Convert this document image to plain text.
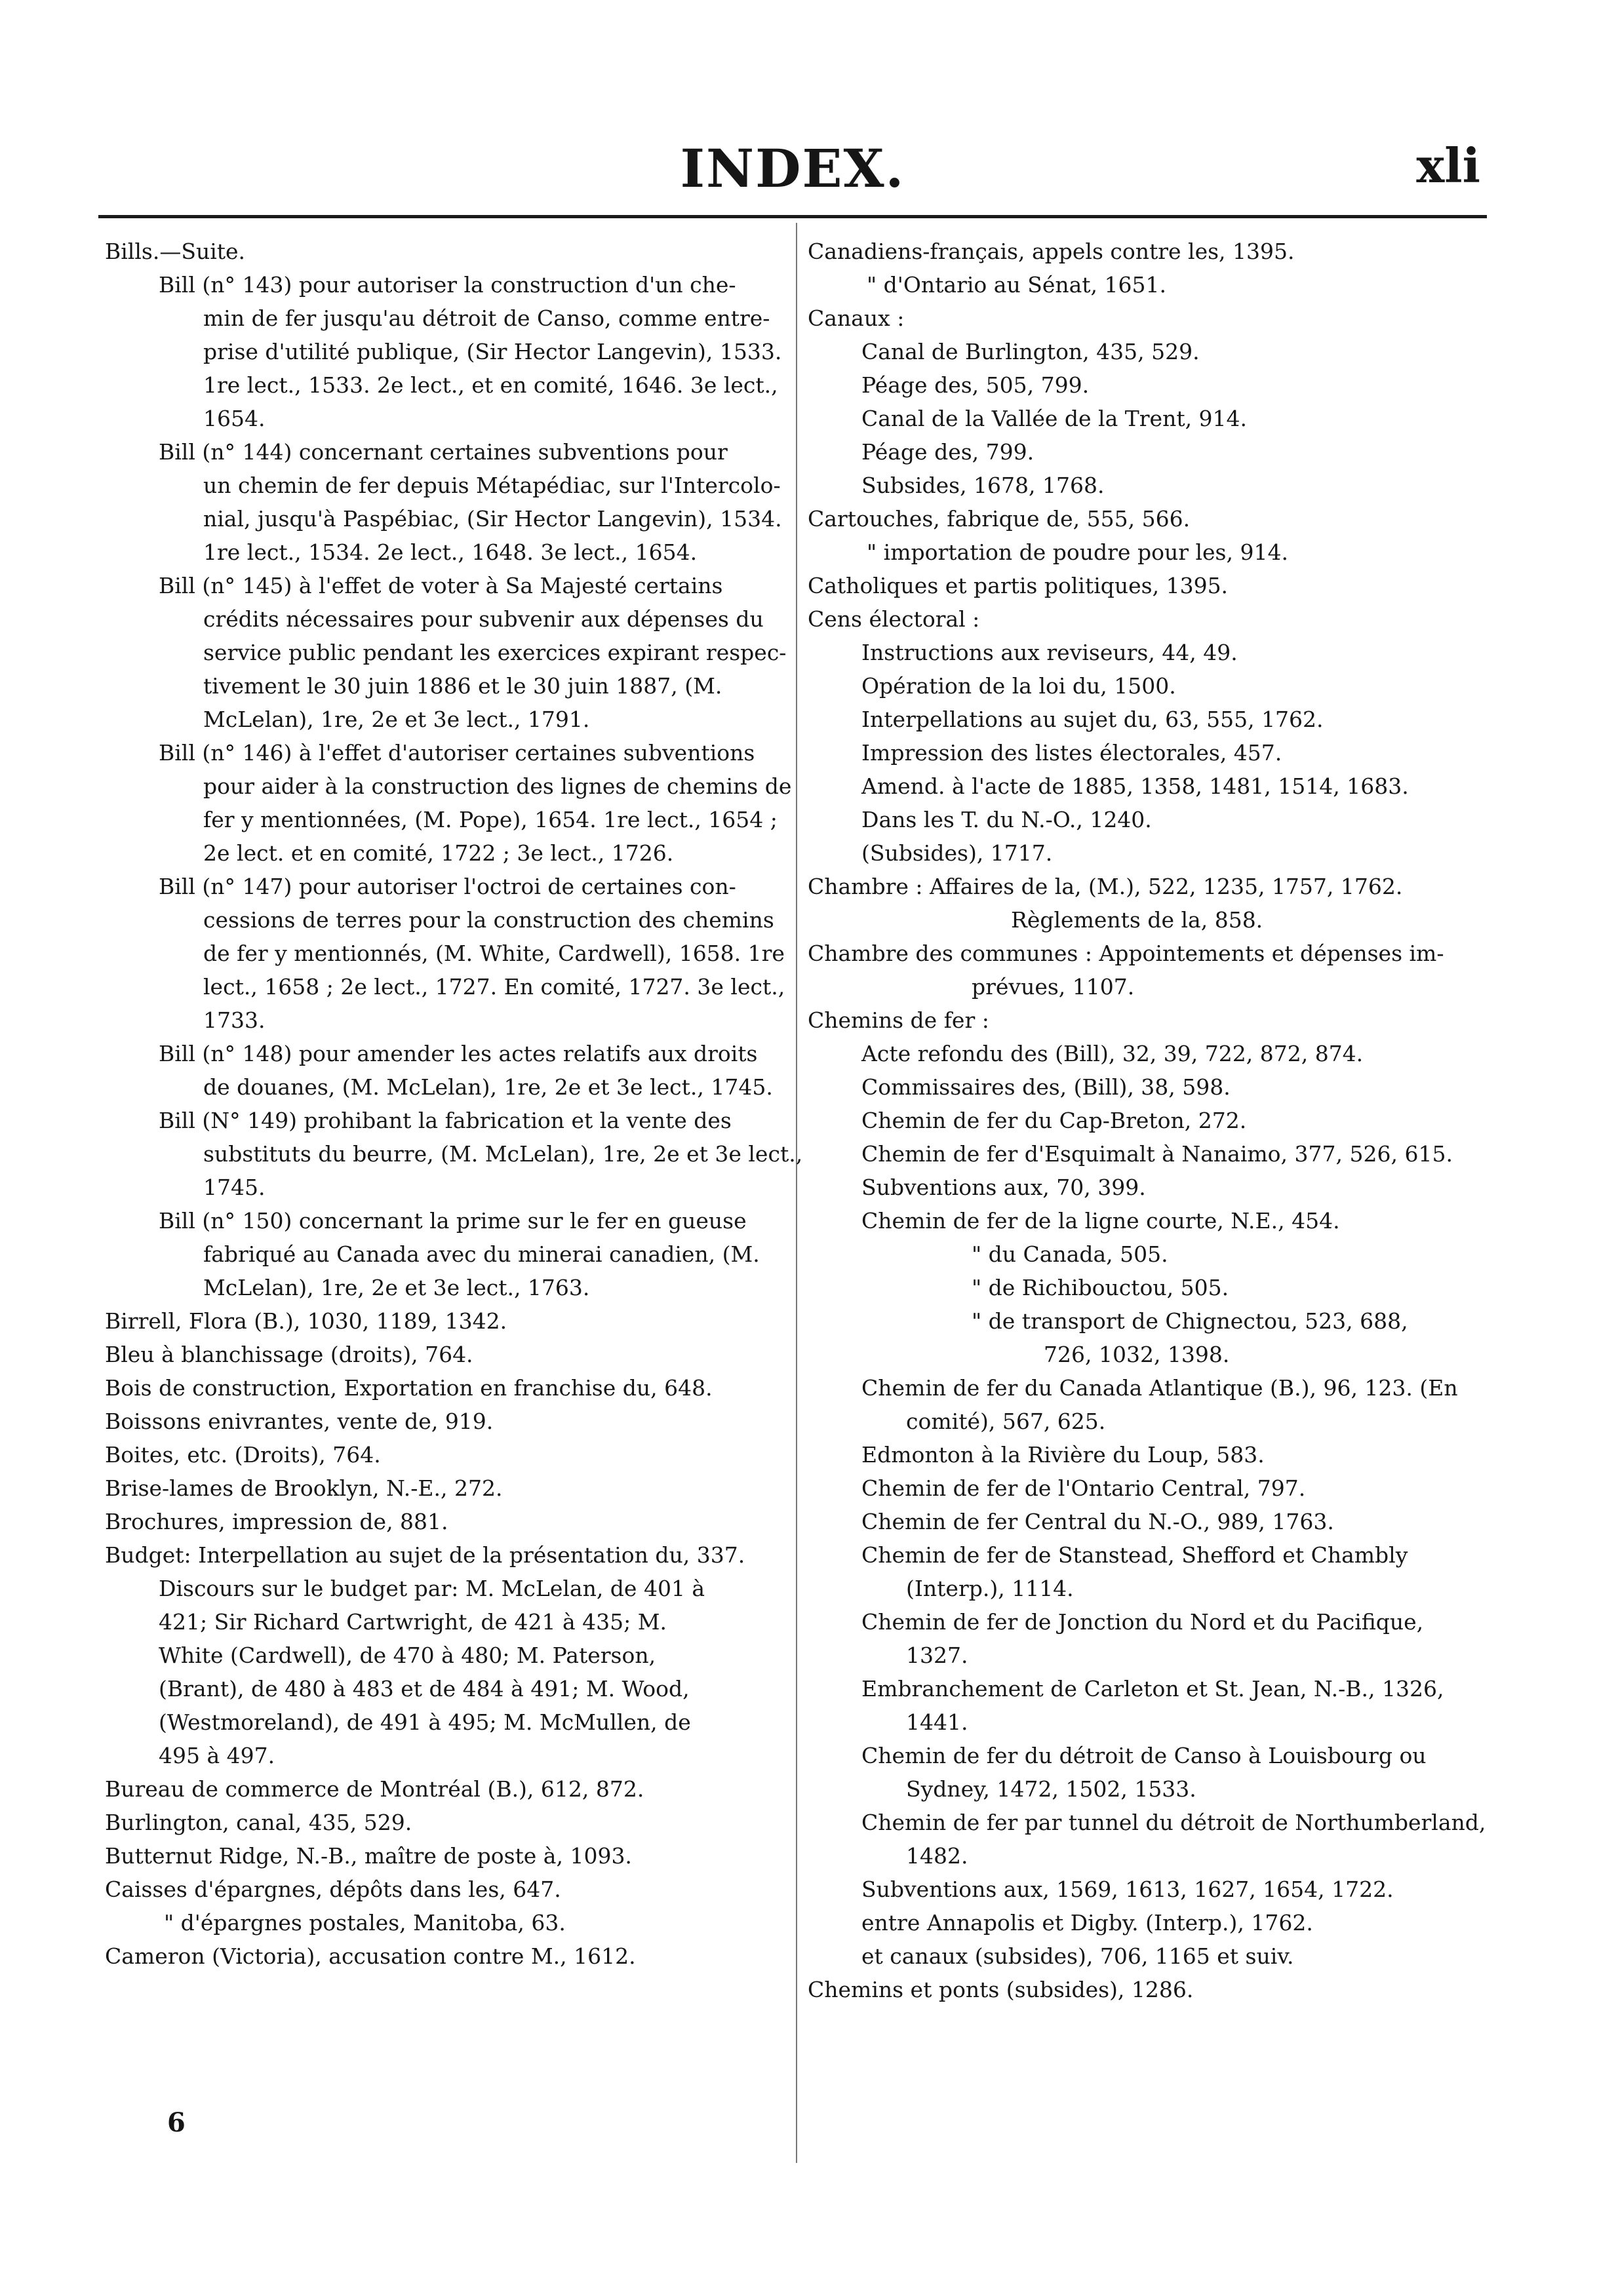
INDEX.	xli
Bills.—Suite.
Bill (n° 143) pour autoriser la construction d'un che-
min de fer jusqu'au détroit de Canso, comme entre-
prise d'utilité publique, (Sir Hector Langevin), 1533.
1re lect., 1533. 2e lect., et en comité, 1646. 3e lect.,
1654.
Bill (n° 144) concernant certaines subventions pour
un chemin de fer depuis Métapédiac, sur l'Intercolo-
nial, jusqu'à Paspébiac, (Sir Hector Langevin), 1534.
1re lect., 1534. 2e lect., 1648. 3e lect., 1654.
Bill (n° 145) à l'effet de voter à Sa Majesté certains
crédits nécessaires pour subvenir aux dépenses du
service public pendant les exercices expirant respec-
tivement le 30 juin 1886 et le 30 juin 1887, (M.
McLelan), 1re, 2e et 3e lect., 1791.
Bill (n° 146) à l'effet d'autoriser certaines subventions
pour aider à la construction des lignes de chemins de
fer y mentionnées, (M. Pope), 1654. 1re lect., 1654 ;
2e lect. et en comité, 1722 ; 3e lect., 1726.
Bill (n° 147) pour autoriser l'octroi de certaines con-
cessions de terres pour la construction des chemins
de fer y mentionnés, (M. White, Cardwell), 1658. 1re
lect., 1658 ; 2e lect., 1727. En comité, 1727. 3e lect.,
1733.
Bill (n° 148) pour amender les actes relatifs aux droits
de douanes, (M. McLelan), 1re, 2e et 3e lect., 1745.
Bill (N° 149) prohibant la fabrication et la vente des
substituts du beurre, (M. McLelan), 1re, 2e et 3e lect.,
1745.
Bill (n° 150) concernant la prime sur le fer en gueuse
fabriqué au Canada avec du minerai canadien, (M.
McLelan), 1re, 2e et 3e lect., 1763.
Birrell, Flora (B.), 1030, 1189, 1342.
Bleu à blanchissage (droits), 764.
Bois de construction, Exportation en franchise du, 648.
Boissons enivrantes, vente de, 919.
Boites, etc. (Droits), 764.
Brise-lames de Brooklyn, N.-E., 272.
Brochures, impression de, 881.
Budget: Interpellation au sujet de la présentation du, 337.
Discours sur le budget par: M. McLelan, de 401 à
421; Sir Richard Cartwright, de 421 à 435; M.
White (Cardwell), de 470 à 480; M. Paterson,
(Brant), de 480 à 483 et de 484 à 491; M. Wood,
(Westmoreland), de 491 à 495; M. McMullen, de
495 à 497.
Bureau de commerce de Montréal (B.), 612, 872.
Burlington, canal, 435, 529.
Butternut Ridge, N.-B., maître de poste à, 1093.
Caisses d'épargnes, dépôts dans les, 647.
" d'épargnes postales, Manitoba, 63.
Cameron (Victoria), accusation contre M., 1612.
Canadiens-français, appels contre les, 1395.
" d'Ontario au Sénat, 1651.
Canaux :
Canal de Burlington, 435, 529.
Péage des, 505, 799.
Canal de la Vallée de la Trent, 914.
Péage des, 799.
Subsides, 1678, 1768.
Cartouches, fabrique de, 555, 566.
" importation de poudre pour les, 914.
Catholiques et partis politiques, 1395.
Cens électoral :
Instructions aux reviseurs, 44, 49.
Opération de la loi du, 1500.
Interpellations au sujet du, 63, 555, 1762.
Impression des listes électorales, 457.
Amend. à l'acte de 1885, 1358, 1481, 1514, 1683.
Dans les T. du N.-O., 1240.
(Subsides), 1717.
Chambre : Affaires de la, (M.), 522, 1235, 1757, 1762.
Règlements de la, 858.
Chambre des communes : Appointements et dépenses im-
prévues, 1107.
Chemins de fer :
Acte refondu des (Bill), 32, 39, 722, 872, 874.
Commissaires des, (Bill), 38, 598.
Chemin de fer du Cap-Breton, 272.
Chemin de fer d'Esquimalt à Nanaimo, 377, 526, 615.
Subventions aux, 70, 399.
Chemin de fer de la ligne courte, N.E., 454.
" du Canada, 505.
" de Richibouctou, 505.
" de transport de Chignectou, 523, 688,
726, 1032, 1398.
Chemin de fer du Canada Atlantique (B.), 96, 123. (En
comité), 567, 625.
Edmonton à la Rivière du Loup, 583.
Chemin de fer de l'Ontario Central, 797.
Chemin de fer Central du N.-O., 989, 1763.
Chemin de fer de Stanstead, Shefford et Chambly
(Interp.), 1114.
Chemin de fer de Jonction du Nord et du Pacifique,
1327.
Embranchement de Carleton et St. Jean, N.-B., 1326,
1441.
Chemin de fer du détroit de Canso à Louisbourg ou
Sydney, 1472, 1502, 1533.
Chemin de fer par tunnel du détroit de Northumberland,
1482.
Subventions aux, 1569, 1613, 1627, 1654, 1722.
entre Annapolis et Digby. (Interp.), 1762.
et canaux (subsides), 706, 1165 et suiv.
Chemins et ponts (subsides), 1286.
6
